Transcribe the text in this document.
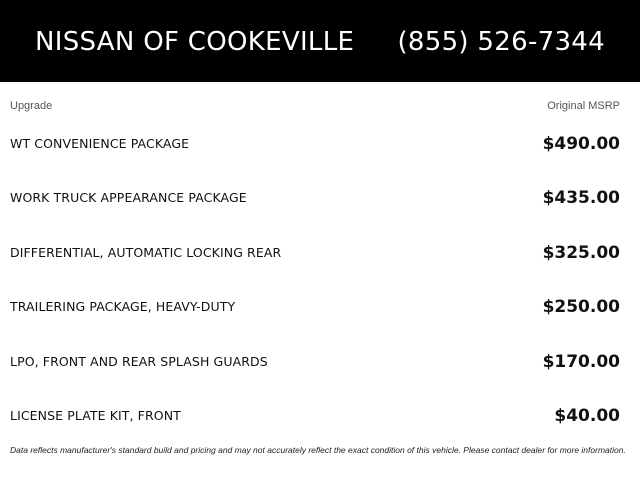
NISSAN OF COOKEVILLE (855) 526-7344
Upgrade	Original MSRP
WT CONVENIENCE PACKAGE	$490.00
WORK TRUCK APPEARANCE PACKAGE	$435.00
DIFFERENTIAL, AUTOMATIC LOCKING REAR	$325.00
TRAILERING PACKAGE, HEAVY-DUTY	$250.00
LPO, FRONT AND REAR SPLASH GUARDS	$170.00
LICENSE PLATE KIT, FRONT	$40.00
Data reflects manufacturer's standard build and pricing and may not accurately reflect the exact condition of this vehicle. Please contact dealer for more information.
